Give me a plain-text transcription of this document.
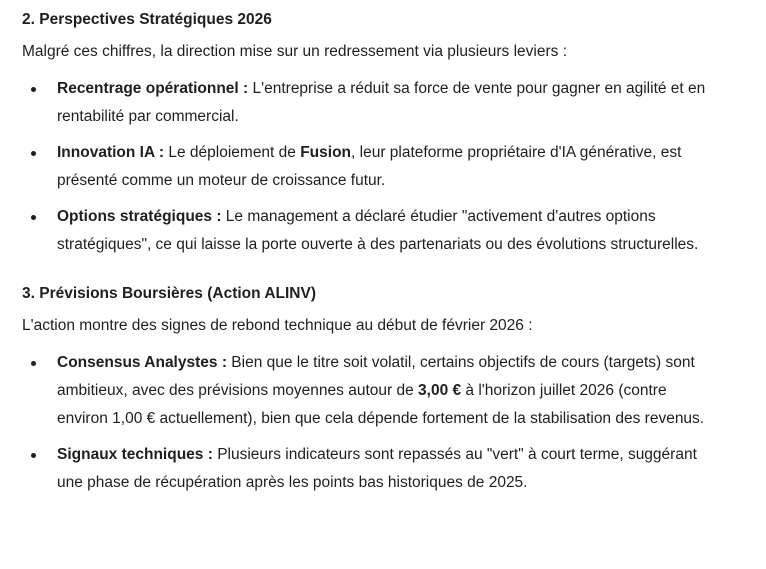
2. Perspectives Stratégiques 2026

Malgré ces chiffres, la direction mise sur un redressement via plusieurs leviers :

Recentrage opérationnel : L'entreprise a réduit sa force de vente pour gagner en agilité et en rentabilité par commercial.
Innovation IA : Le déploiement de Fusion, leur plateforme propriétaire d'IA générative, est présenté comme un moteur de croissance futur.
Options stratégiques : Le management a déclaré étudier "activement d'autres options stratégiques", ce qui laisse la porte ouverte à des partenariats ou des évolutions structurelles.
3. Prévisions Boursières (Action ALINV)

L'action montre des signes de rebond technique au début de février 2026 :

Consensus Analystes : Bien que le titre soit volatil, certains objectifs de cours (targets) sont ambitieux, avec des prévisions moyennes autour de 3,00 € à l'horizon juillet 2026 (contre environ 1,00 € actuellement), bien que cela dépende fortement de la stabilisation des revenus.
Signaux techniques : Plusieurs indicateurs sont repassés au "vert" à court terme, suggérant une phase de récupération après les points bas historiques de 2025.
